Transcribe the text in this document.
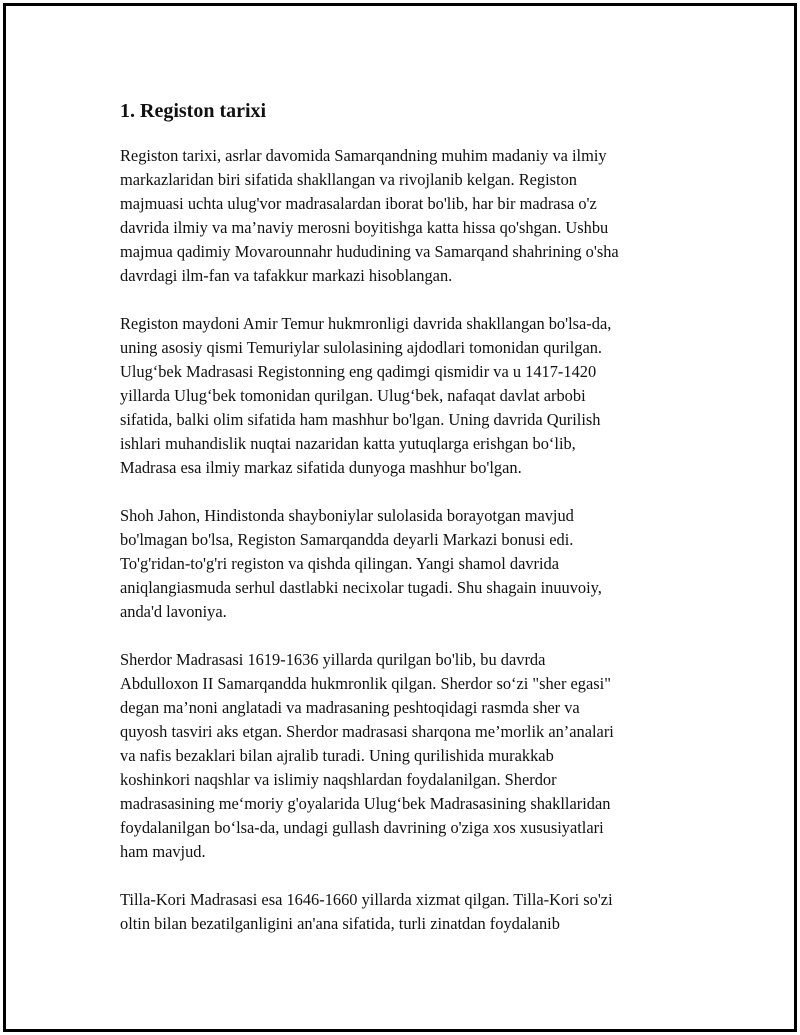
1. Registon tarixi

Registon tarixi, asrlar davomida Samarqandning muhim madaniy va ilmiy
markazlaridan biri sifatida shakllangan va rivojlanib kelgan. Registon
majmuasi uchta ulug'vor madrasalardan iborat bo'lib, har bir madrasa o'z
davrida ilmiy va ma’naviy merosni boyitishga katta hissa qo'shgan. Ushbu
majmua qadimiy Movarounnahr hududining va Samarqand shahrining o'sha
davrdagi ilm-fan va tafakkur markazi hisoblangan.

Registon maydoni Amir Temur hukmronligi davrida shakllangan bo'lsa-da,
uning asosiy qismi Temuriylar sulolasining ajdodlari tomonidan qurilgan.
Ulug‘bek Madrasasi Registonning eng qadimgi qismidir va u 1417-1420
yillarda Ulug‘bek tomonidan qurilgan. Ulug‘bek, nafaqat davlat arbobi
sifatida, balki olim sifatida ham mashhur bo'lgan. Uning davrida Qurilish
ishlari muhandislik nuqtai nazaridan katta yutuqlarga erishgan bo‘lib,
Madrasa esa ilmiy markaz sifatida dunyoga mashhur bo'lgan.

Shoh Jahon, Hindistonda shayboniylar sulolasida borayotgan mavjud
bo'lmagan bo'lsa, Registon Samarqandda deyarli Markazi bonusi edi.
To'g'ridan-to'g'ri registon va qishda qilingan. Yangi shamol davrida
aniqlangiasmuda serhul dastlabki necixolar tugadi. Shu shagain inuuvoiy,
anda'd lavoniya.

Sherdor Madrasasi 1619-1636 yillarda qurilgan bo'lib, bu davrda
Abdulloxon II Samarqandda hukmronlik qilgan. Sherdor so‘zi "sher egasi"
degan ma’noni anglatadi va madrasaning peshtoqidagi rasmda sher va
quyosh tasviri aks etgan. Sherdor madrasasi sharqona me’morlik an’analari
va nafis bezaklari bilan ajralib turadi. Uning qurilishida murakkab
koshinkori naqshlar va islimiy naqshlardan foydalanilgan. Sherdor
madrasasining meʻmoriy g'oyalarida Ulug‘bek Madrasasining shakllaridan
foydalanilgan bo‘lsa-da, undagi gullash davrining o'ziga xos xususiyatlari
ham mavjud.

Tilla-Kori Madrasasi esa 1646-1660 yillarda xizmat qilgan. Tilla-Kori so'zi
oltin bilan bezatilganligini an'ana sifatida, turli zinatdan foydalanib
